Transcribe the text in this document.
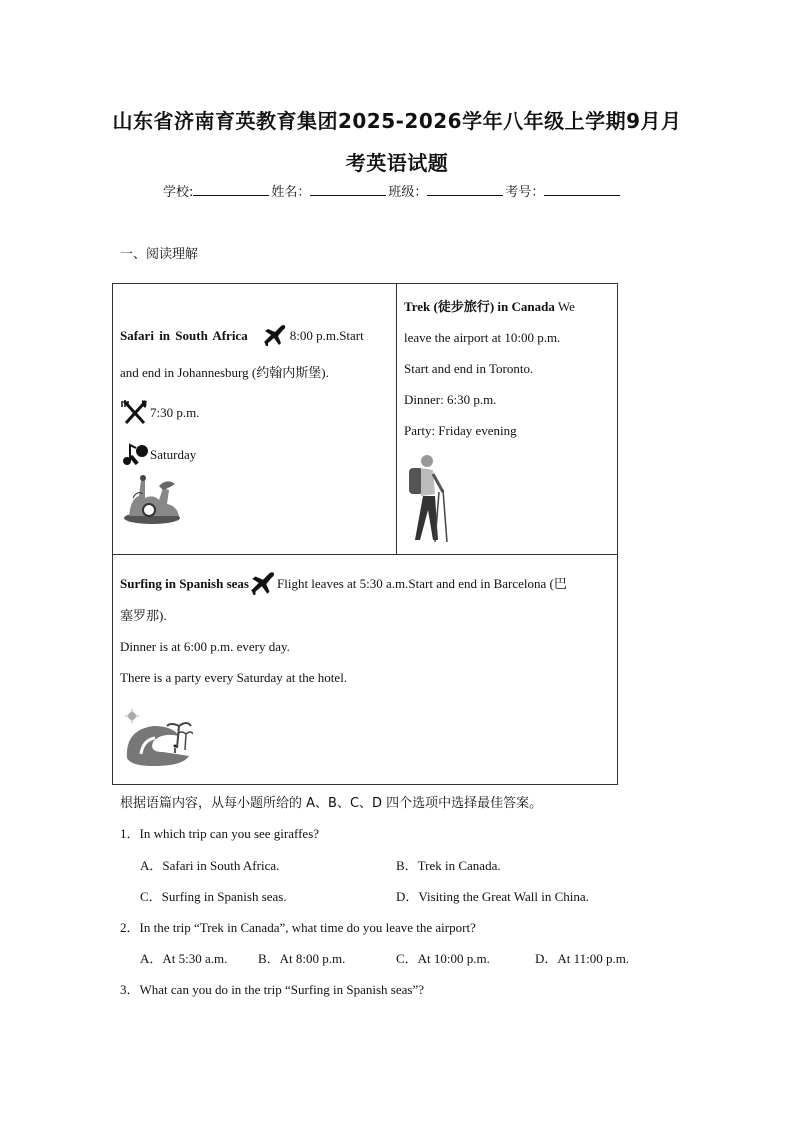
山东省济南育英教育集团2025-2026学年八年级上学期9月月
考英语试题
学校:	姓名：	班级：	考号：
一、阅读理解
Safari in South Africa	8:00 p.m.Start
and end in Johannesburg (约翰内斯堡).
7:30 p.m.
Saturday
Trek (徒步旅行) in Canada We
leave the airport at 10:00 p.m.
Start and end in Toronto.
Dinner: 6:30 p.m.
Party: Friday evening
Surfing in Spanish seas Flight leaves at 5:30 a.m.Start and end in Barcelona (巴
塞罗那).
Dinner is at 6:00 p.m. every day.
There is a party every Saturday at the hotel.
根据语篇内容，从每小题所给的 A、B、C、D 四个选项中选择最佳答案。
1．In which trip can you see giraffes?
A．Safari in South Africa.	B．Trek in Canada.
C．Surfing in Spanish seas.	D．Visiting the Great Wall in China.
2．In the trip “Trek in Canada”, what time do you leave the airport?
A．At 5:30 a.m. B．At 8:00 p.m.	C．At 10:00 p.m.	D．At 11:00 p.m.
3．What can you do in the trip “Surfing in Spanish seas”?
